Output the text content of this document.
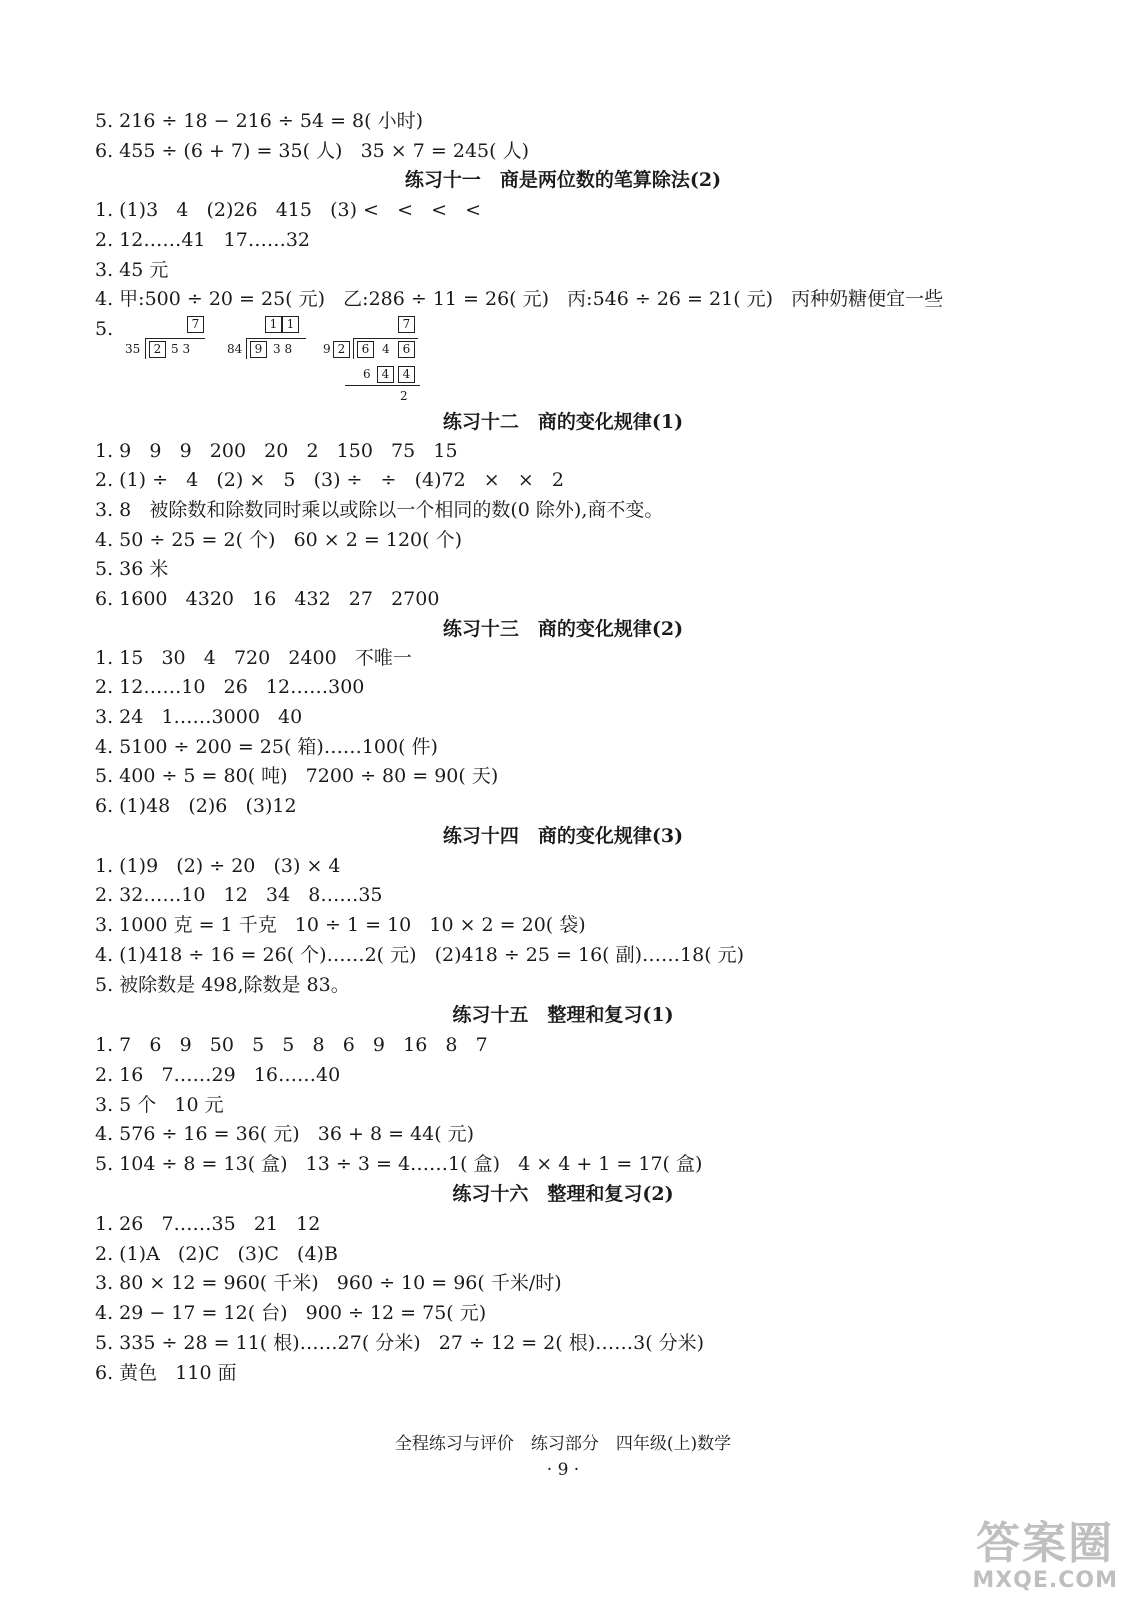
5. 216 ÷ 18 − 216 ÷ 54 = 8( 小时)
6. 455 ÷ (6 + 7) = 35( 人)   35 × 7 = 245( 人)
练习十一　商是两位数的笔算除法(2)
1. (1)3   4   (2)26   415   (3) <   <   <   <
2. 12……41   17……32
3. 45 元
4. 甲:500 ÷ 20 = 25( 元)   乙:286 ÷ 11 = 26( 元)   丙:546 ÷ 26 = 21( 元)   丙种奶糖便宜一些
5.	7
35	2 5 3
1 1
84	9 3 8
7
9 2	6	4	6
6 4	4
2
练习十二　商的变化规律(1)
1. 9   9   9   200   20   2   150   75   15
2. (1) ÷   4   (2) ×   5   (3) ÷   ÷   (4)72   ×   ×   2
3. 8   被除数和除数同时乘以或除以一个相同的数(0 除外),商不变。
4. 50 ÷ 25 = 2( 个)   60 × 2 = 120( 个)
5. 36 米
6. 1600   4320   16   432   27   2700
练习十三　商的变化规律(2)
1. 15   30   4   720   2400   不唯一
2. 12……10   26   12……300
3. 24   1……3000   40
4. 5100 ÷ 200 = 25( 箱)……100( 件)
5. 400 ÷ 5 = 80( 吨)   7200 ÷ 80 = 90( 天)
6. (1)48   (2)6   (3)12
练习十四　商的变化规律(3)
1. (1)9   (2) ÷ 20   (3) × 4
2. 32……10   12   34   8……35
3. 1000 克 = 1 千克   10 ÷ 1 = 10   10 × 2 = 20( 袋)
4. (1)418 ÷ 16 = 26( 个)……2( 元)   (2)418 ÷ 25 = 16( 副)……18( 元)
5. 被除数是 498,除数是 83。
练习十五　整理和复习(1)
1. 7   6   9   50   5   5   8   6   9   16   8   7
2. 16   7……29   16……40
3. 5 个   10 元
4. 576 ÷ 16 = 36( 元)   36 + 8 = 44( 元)
5. 104 ÷ 8 = 13( 盒)   13 ÷ 3 = 4……1( 盒)   4 × 4 + 1 = 17( 盒)
练习十六　整理和复习(2)
1. 26   7……35   21   12
2. (1)A   (2)C   (3)C   (4)B
3. 80 × 12 = 960( 千米)   960 ÷ 10 = 96( 千米/时)
4. 29 − 17 = 12( 台)   900 ÷ 12 = 75( 元)
5. 335 ÷ 28 = 11( 根)……27( 分米)   27 ÷ 12 = 2( 根)……3( 分米)
6. 黄色   110 面
全程练习与评价　练习部分　四年级(上)数学
· 9 ·
答案圈
MXQE.COM
